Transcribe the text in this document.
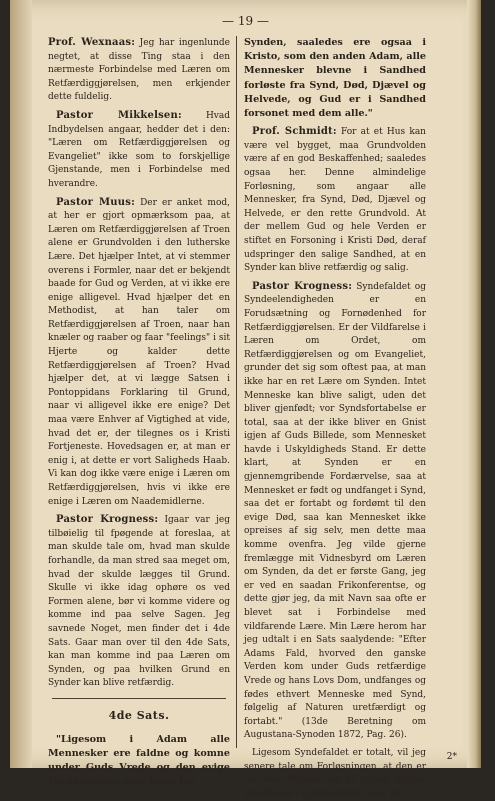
— 19 —

Prof. Wexnaas: Jeg har ingenlunde negtet, at disse Ting staa i den nærmeste Forbindelse med Læren om Retfærdiggjørelsen, men erkjender dette fuldelig.

Pastor Mikkelsen:	Hvad Indbydelsen angaar, hedder det i den: "Læren om Retfærdiggjørelsen og Evangeliet" ikke som to forskjellige Gjenstande, men i Forbindelse med hverandre.

Pastor Muus: Der er anket mod, at her er gjort opmærksom paa, at Læren om Retfærdiggjørelsen af Troen alene er Grundvolden i den lutherske Lære. Det hjælper Intet, at vi stemmer overens i Formler, naar det er bekjendt baade for Gud og Verden, at vi ikke ere enige alligevel. Hvad hjælper det en Methodist, at han taler om Retfærdiggjørelsen af Troen, naar han knæler og raaber og faar "feelings" i sit Hjerte og kalder dette Retfærdiggjørelsen af Troen? Hvad hjælper det, at vi lægge Satsen i Pontoppidans Forklaring til Grund, naar vi alligevel ikke ere enige? Det maa være Enhver af Vigtighed at vide, hvad det er, der tilegnes os i Kristi Fortjeneste. Hovedsagen er, at man er enig i, at dette er vort Saligheds Haab. Vi kan dog ikke være enige i Læren om Retfærdiggjørelsen, hvis vi ikke ere enige i Læren om Naademidlerne.

Pastor Krogness: Igaar var jeg tilbøielig til fpøgende at foreslaa, at man skulde tale om, hvad man skulde forhandle, da man stred saa meget om, hvad der skulde lægges til Grund. Skulle vi ikke idag ophøre os ved Formen alene, bør vi komme videre og komme ind paa selve Sagen. Jeg savnede Noget, men finder det i 4de Sats. Gaar man over til den 4de Sats, kan man komme ind paa Læren om Synden, og paa hvilken Grund en Synder kan blive retfærdig.

4de Sats.

"Ligesom i Adam alle Mennesker ere faldne og komne under Guds Vrede og den evige Fordømmelse som Straf for

Synden, saaledes ere ogsaa i Kristo, som den anden Adam, alle Mennesker blevne i Sandhed forløste fra Synd, Død, Djævel og Helvede, og Gud er i Sandhed forsonet med dem alle."

Prof. Schmidt: For at et Hus kan være vel bygget, maa Grundvolden være af en god Beskaffenhed; saaledes ogsaa her. Denne almindelige Forløsning, som angaar alle Mennesker, fra Synd, Død, Djævel og Helvede, er den rette Grundvold. At der mellem Gud og hele Verden er stiftet en Forsoning i Kristi Død, deraf udspringer den salige Sandhed, at en Synder kan blive retfærdig og salig.

Pastor Krogness: Syndefaldet og Syndeelendigheden er en Forudsætning og Fornødenhed for Retfærdiggjørelsen. Er der Vildfarelse i Læren om Ordet, om Retfærdiggjørelsen og om Evangeliet, grunder det sig som oftest paa, at man ikke har en ret Lære om Synden. Intet Menneske kan blive saligt, uden det bliver gjenfødt; vor Syndsfortabelse er total, saa at der ikke bliver en Gnist igjen af Guds Billede, som Mennesket havde i Uskyldigheds Stand. Er dette klart, at Synden er en gjennemgribende Fordærvelse, saa at Mennesket er født og undfanget i Synd, saa det er fortabt og fordømt til den evige Død, saa kan Mennesket ikke opreises af sig selv, men dette maa komme ovenfra. Jeg vilde gjerne fremlægge mit Vidnesbyrd om Læren om Synden, da det er første Gang, jeg er ved en saadan Frikonferentse, og dette gjør jeg, da mit Navn saa ofte er blevet sat i Forbindelse med vildfarende Lære. Min Lære herom har jeg udtalt i en Sats saalydende: "Efter Adams Fald, hvorved den ganske Verden kom under Guds retfærdige Vrede og hans Lovs Dom, undfanges og fødes ethvert Menneske med Synd, følgelig af Naturen uretfærdigt og fortabt." (13de Beretning om Augustana-Synoden 1872, Pag. 26).

Ligesom Syndefaldet er totalt, vil jeg senere tale om Forløsningen, at den er for hele Verden, og vil ogsaa omtale Totaliteten i Gjenfødelsen, naar en

2*
